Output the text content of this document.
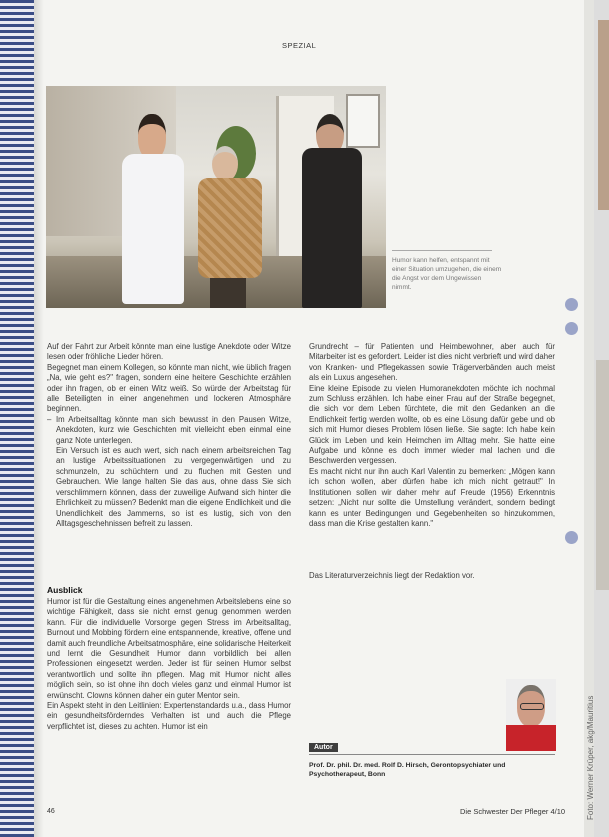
Foto: Werner Krüper, akg/Mauritius
SPEZIAL
Humor kann helfen, entspannt mit einer Situation umzugehen, die einem die Angst vor dem Ungewissen nimmt.

Auf der Fahrt zur Arbeit könnte man eine lustige Anekdote oder Witze lesen oder fröhliche Lieder hören.

Begegnet man einem Kollegen, so könnte man nicht, wie üblich fragen „Na, wie geht es?" fragen, sondern eine heitere Geschichte erzählen oder ihn fragen, ob er einen Witz weiß. So würde der Arbeitstag für alle Beteiligten in einer angenehmen und lockeren Atmosphäre beginnen.

– Im Arbeitsalltag könnte man sich bewusst in den Pausen Witze, Anekdoten, kurz wie Geschichten mit vielleicht eben einmal eine ganz Note unterlegen.

Ein Versuch ist es auch wert, sich nach einem arbeitsreichen Tag an lustige Arbeitssituationen zu vergegenwärtigen und zu schmunzeln, zu schüchtern und zu fluchen mit Gesten und Gebrauchen. Wie lange halten Sie das aus, ohne dass Sie sich verschlimmern können, dass der zuweilige Aufwand sich hinter die Ehrlichkeit zu müssen? Bedenkt man die eigene Endlichkeit und die Unendlichkeit des Jammerns, so ist es lustig, sich von den Alltagsgeschehnissen befreit zu lassen.

Ausblick

Humor ist für die Gestaltung eines angenehmen Arbeitslebens eine so wichtige Fähigkeit, dass sie nicht ernst genug genommen werden kann. Für die individuelle Vorsorge gegen Stress im Arbeitsalltag, Burnout und Mobbing fördern eine entspannende, kreative, offene und damit auch freundliche Arbeitsatmosphäre, eine solidarische Heiterkeit und lernt die Gesundheit Humor dann vorbildlich bei allen Professionen eingesetzt werden. Jeder ist für seinen Humor selbst verantwortlich und sollte ihn pflegen. Mag mit Humor nicht alles möglich sein, so ist ohne ihn doch vieles ganz und einmal Humor ist erwünscht. Clowns können daher ein guter Mentor sein.

Ein Aspekt steht in den Leitlinien: Expertenstandards u.a., dass Humor ein gesundheitsförderndes Verhalten ist und auch die Pflege verpflichtet ist, dieses zu achten. Humor ist ein

Grundrecht – für Patienten und Heimbewohner, aber auch für Mitarbeiter ist es gefordert. Leider ist dies nicht verbrieft und wird daher von Kranken- und Pflegekassen sowie Trägerverbänden auch meist als ein Luxus angesehen.

Eine kleine Episode zu vielen Humoranekdoten möchte ich nochmal zum Schluss erzählen. Ich habe einer Frau auf der Straße begegnet, die sich vor dem Leben fürchtete, die mit den Gedanken an die Endlichkeit fertig werden wollte, ob es eine Lösung dafür gebe und ob sich mit Humor dieses Problem lösen ließe. Sie sagte: Ich habe kein Glück im Leben und kein Heimchen im Alltag mehr. Sie hatte eine Aufgabe und könne es doch immer wieder mal lachen und die Beschwerden vergessen.

Es macht nicht nur ihn auch Karl Valentin zu bemerken: „Mögen kann ich schon wollen, aber dürfen habe ich mich nicht getraut!" In Institutionen sollen wir daher mehr auf Freude (1956) Erkenntnis setzen: „Nicht nur sollte die Umstellung verändert, sondern bedingt kann es unter Bedingungen und Gegebenheiten so hinzukommen, dass man die Krise gestalten kann."

Das Literaturverzeichnis liegt der Redaktion vor.
Autor
Prof. Dr. phil. Dr. med. Rolf D. Hirsch, Gerontopsychiater und Psychotherapeut, Bonn
46	Die Schwester Der Pfleger 4/10
